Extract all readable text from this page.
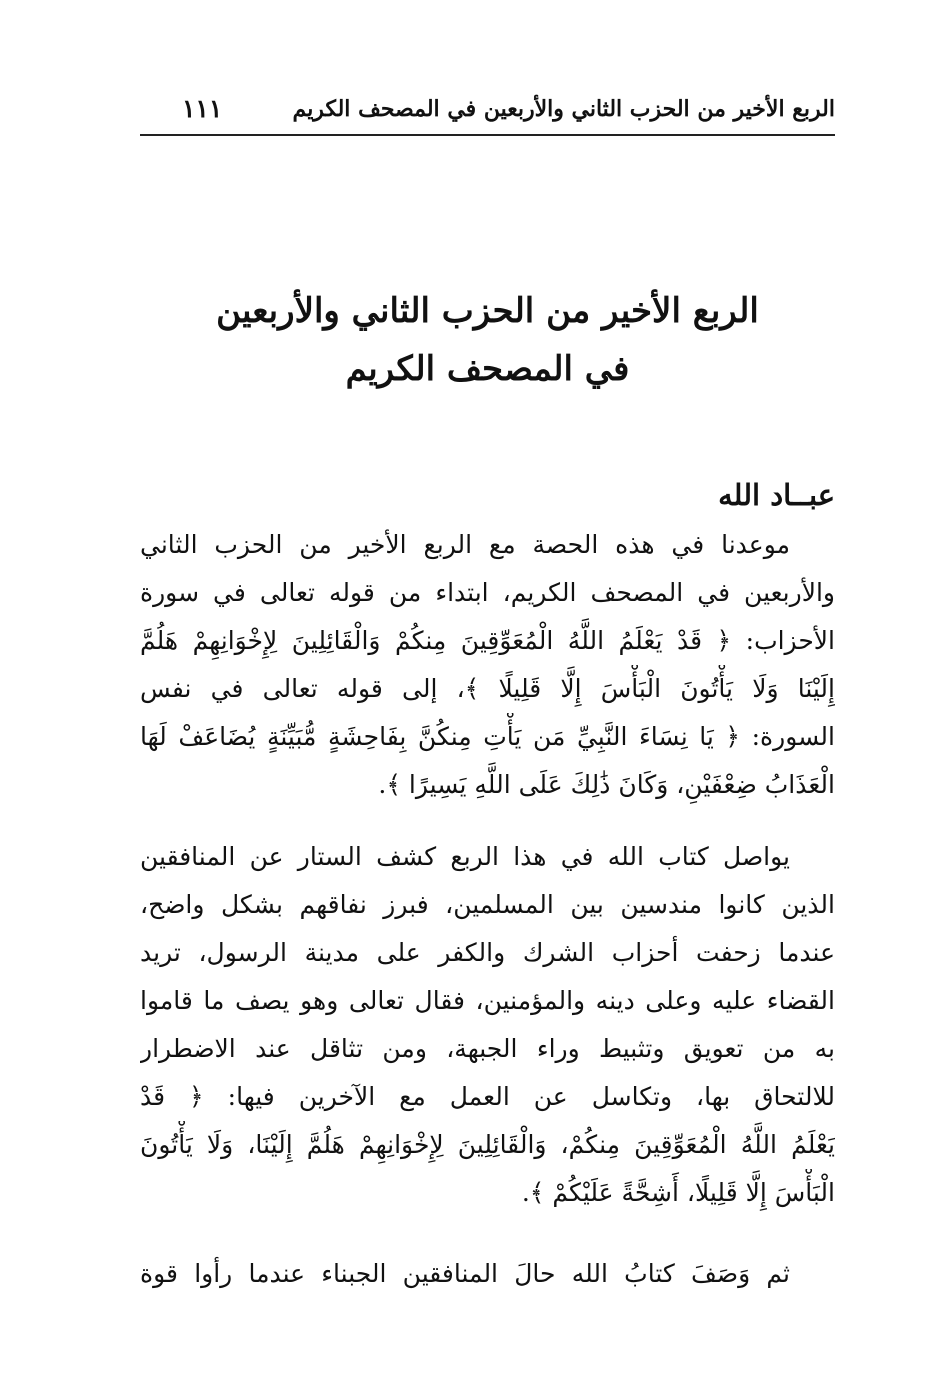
الربع الأخير من الحزب الثاني والأربعين في المصحف الكريم
١١١
الربع الأخير من الحزب الثاني والأربعين
في المصحف الكريم
عبــاد الله
موعدنا في هذه الحصة مع الربع الأخير من الحزب الثاني
والأربعين في المصحف الكريم، ابتداء من قوله تعالى في سورة
الأحزاب: ﴿ قَدْ يَعْلَمُ اللَّهُ الْمُعَوِّقِينَ مِنكُمْ وَالْقَائِلِينَ لِإِخْوَانِهِمْ هَلُمَّ
إِلَيْنَا وَلَا يَأْتُونَ الْبَأْسَ إِلَّا قَلِيلًا ﴾، إلى قوله تعالى في نفس
السورة: ﴿ يَا نِسَاءَ النَّبِيِّ مَن يَأْتِ مِنكُنَّ بِفَاحِشَةٍ مُّبَيِّنَةٍ يُضَاعَفْ لَهَا
الْعَذَابُ ضِعْفَيْنِ، وَكَانَ ذَٰلِكَ عَلَى اللَّهِ يَسِيرًا ﴾.
يواصل كتاب الله في هذا الربع كشف الستار عن المنافقين
الذين كانوا مندسين بين المسلمين، فبرز نفاقهم بشكل واضح،
عندما زحفت أحزاب الشرك والكفر على مدينة الرسول، تريد
القضاء عليه وعلى دينه والمؤمنين، فقال تعالى وهو يصف ما قاموا
به من تعويق وتثبيط وراء الجبهة، ومن تثاقل عند الاضطرار
للالتحاق بها، وتكاسل عن العمل مع الآخرين فيها: ﴿ قَدْ
يَعْلَمُ اللَّهُ الْمُعَوِّقِينَ مِنكُمْ، وَالْقَائِلِينَ لِإِخْوَانِهِمْ هَلُمَّ إِلَيْنَا، وَلَا يَأْتُونَ
الْبَأْسَ إِلَّا قَلِيلًا، أَشِحَّةً عَلَيْكُمْ ﴾.
ثم وَصَفَ كتابُ الله حالَ المنافقين الجبناء عندما رأوا قوة
